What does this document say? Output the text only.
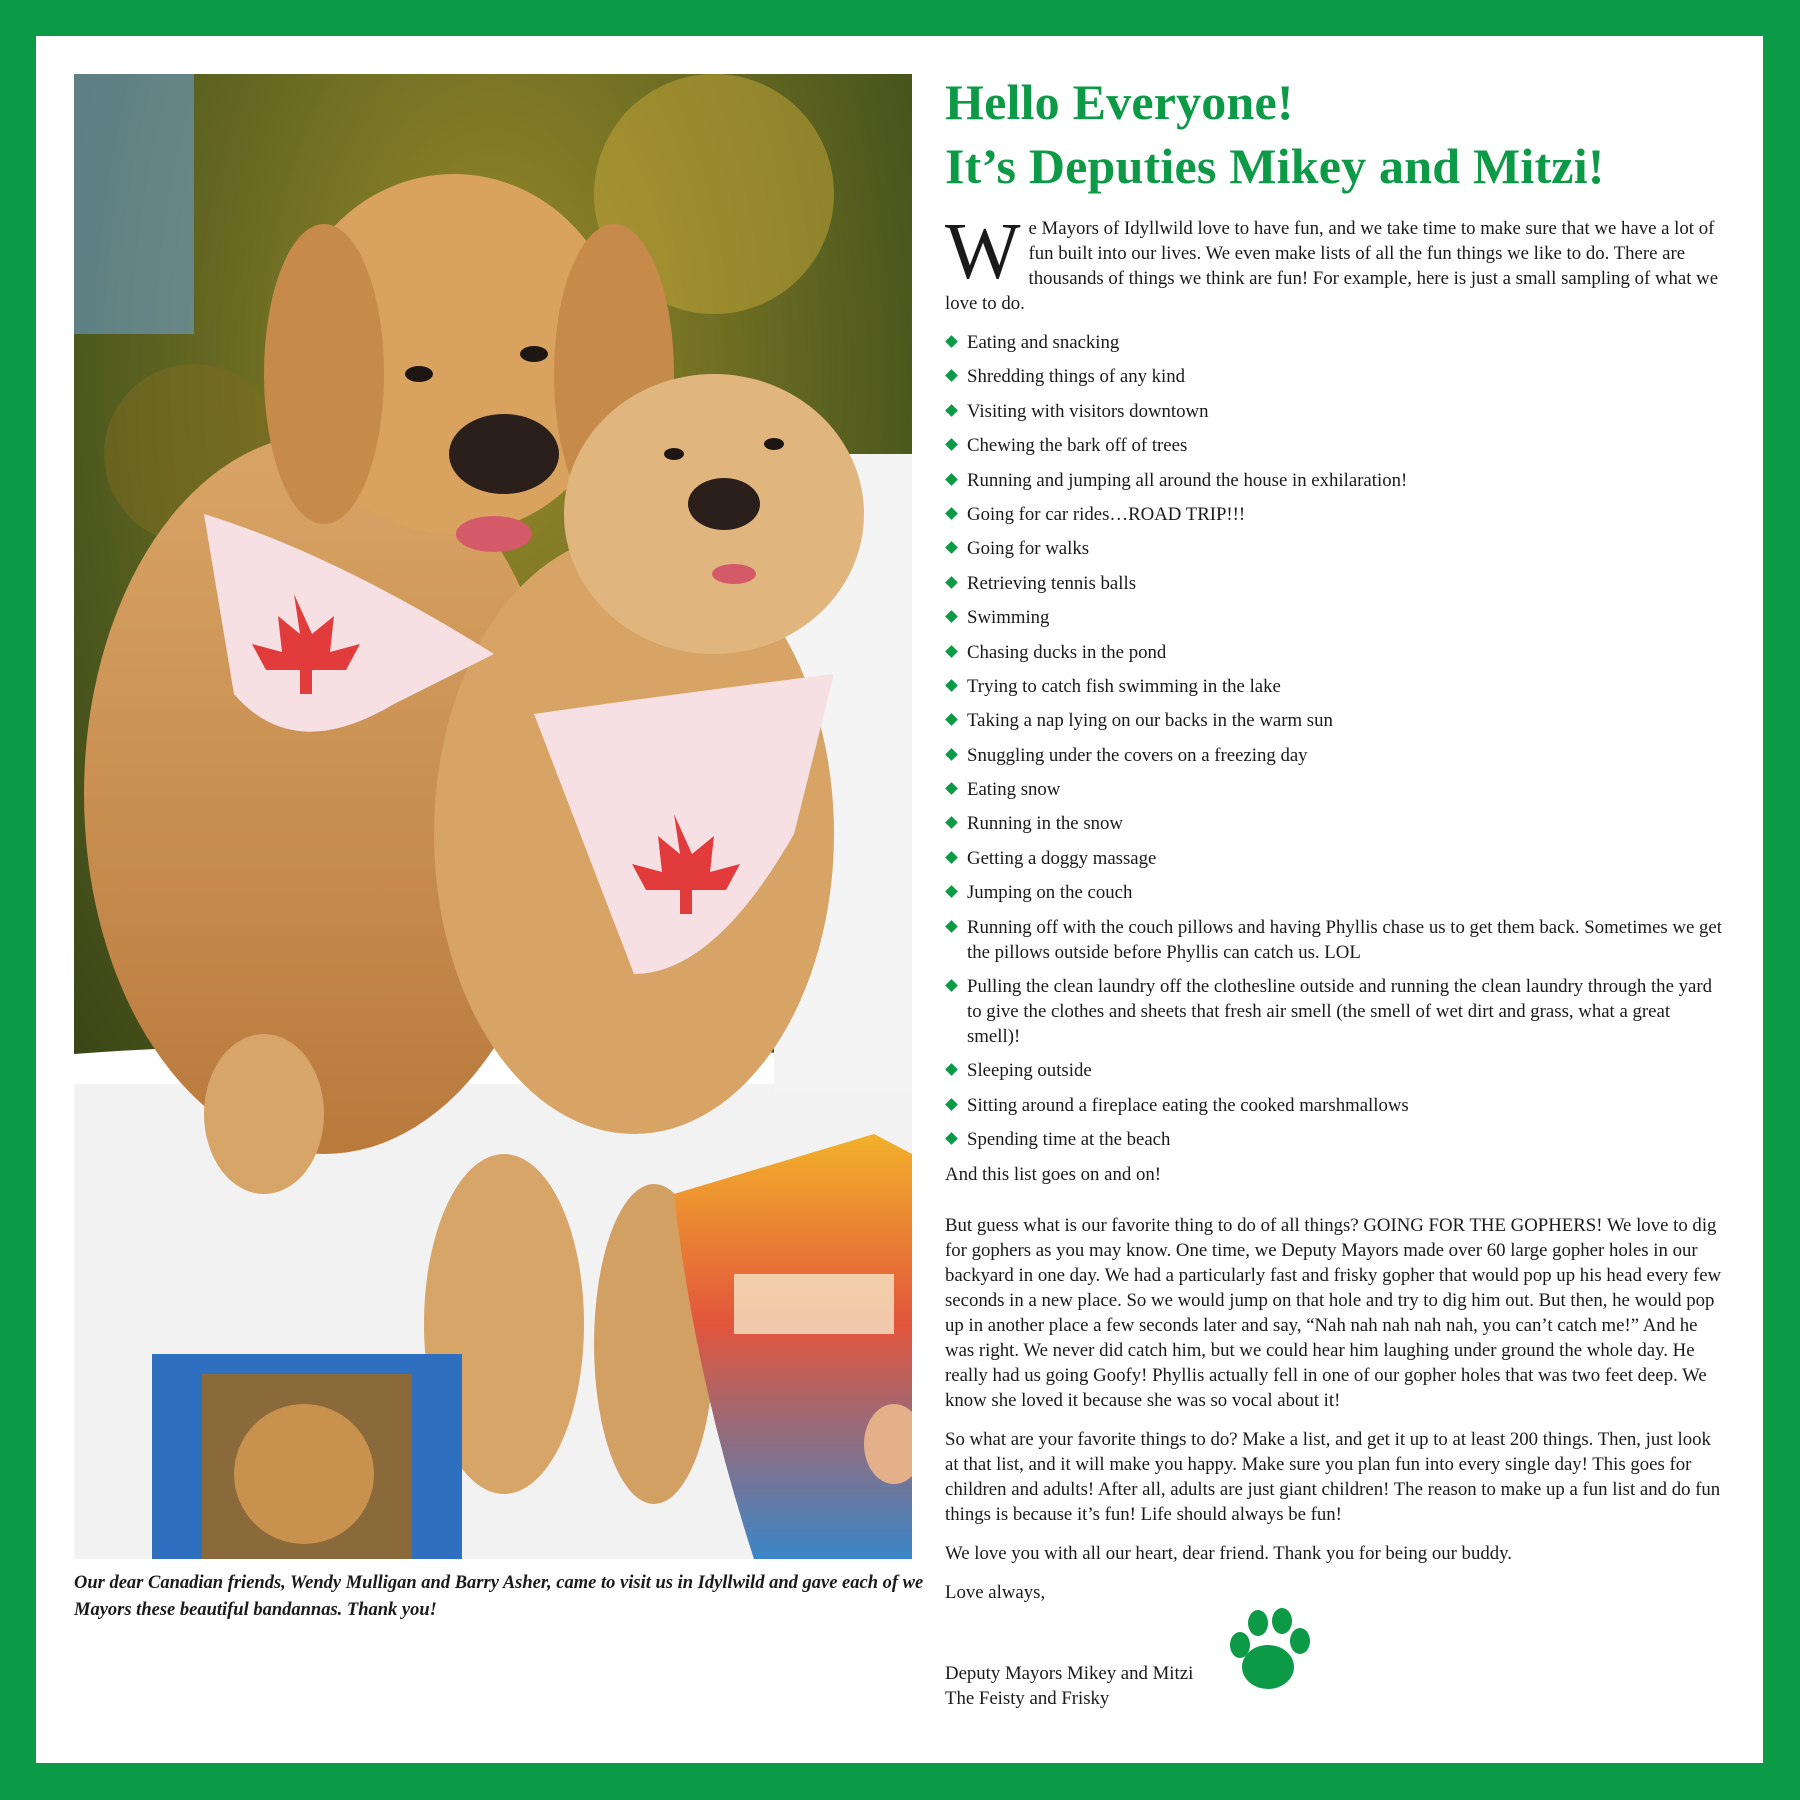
Our dear Canadian friends, Wendy Mulligan and Barry Asher, came to visit us in Idyllwild and gave each of we Mayors these beautiful bandannas. Thank you!
Hello Everyone!
It’s Deputies Mikey and Mitzi!

We Mayors of Idyllwild love to have fun, and we take time to make sure that we have a lot of fun built into our lives. We even make lists of all the fun things we like to do. There are thousands of things we think are fun! For example, here is just a small sampling of what we love to do.

Eating and snacking
Shredding things of any kind
Visiting with visitors downtown
Chewing the bark off of trees
Running and jumping all around the house in exhilaration!
Going for car rides…ROAD TRIP!!!
Going for walks
Retrieving tennis balls
Swimming
Chasing ducks in the pond
Trying to catch fish swimming in the lake
Taking a nap lying on our backs in the warm sun
Snuggling under the covers on a freezing day
Eating snow
Running in the snow
Getting a doggy massage
Jumping on the couch
Running off with the couch pillows and having Phyllis chase us to get them back. Sometimes we get the pillows outside before Phyllis can catch us. LOL
Pulling the clean laundry off the clothesline outside and running the clean laundry through the yard to give the clothes and sheets that fresh air smell (the smell of wet dirt and grass, what a great smell)!
Sleeping outside
Sitting around a fireplace eating the cooked marshmallows
Spending time at the beach

And this list goes on and on!

But guess what is our favorite thing to do of all things? GOING FOR THE GOPHERS! We love to dig for gophers as you may know. One time, we Deputy Mayors made over 60 large gopher holes in our backyard in one day. We had a particularly fast and frisky gopher that would pop up his head every few seconds in a new place. So we would jump on that hole and try to dig him out. But then, he would pop up in another place a few seconds later and say, “Nah nah nah nah nah, you can’t catch me!” And he was right. We never did catch him, but we could hear him laughing under ground the whole day. He really had us going Goofy! Phyllis actually fell in one of our gopher holes that was two feet deep. We know she loved it because she was so vocal about it!

So what are your favorite things to do? Make a list, and get it up to at least 200 things. Then, just look at that list, and it will make you happy. Make sure you plan fun into every single day! This goes for children and adults! After all, adults are just giant children! The reason to make up a fun list and do fun things is because it’s fun! Life should always be fun!

We love you with all our heart, dear friend. Thank you for being our buddy.

Love always,
Deputy Mayors Mikey and Mitzi
The Feisty and Frisky
